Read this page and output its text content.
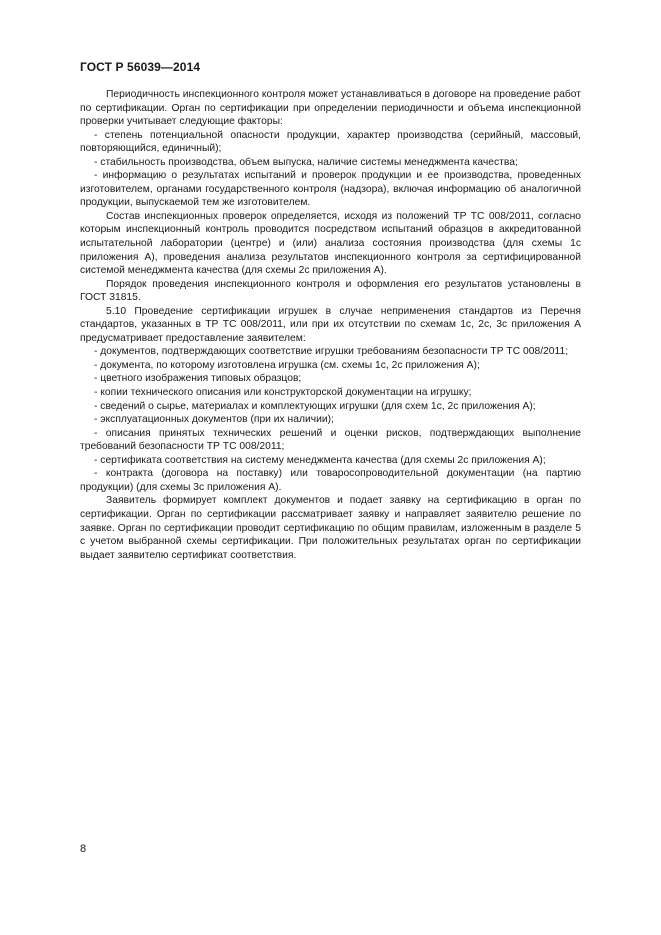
ГОСТ Р 56039—2014

Периодичность инспекционного контроля может устанавливаться в договоре на проведение работ по сертификации. Орган по сертификации при определении периодичности и объема инспекционной проверки учитывает следующие факторы:

- степень потенциальной опасности продукции, характер производства (серийный, массовый, повторяющийся, единичный);

- стабильность производства, объем выпуска, наличие системы менеджмента качества;

- информацию о результатах испытаний и проверок продукции и ее производства, проведенных изготовителем, органами государственного контроля (надзора), включая информацию об аналогичной продукции, выпускаемой тем же изготовителем.

Состав инспекционных проверок определяется, исходя из положений ТР ТС 008/2011, согласно которым инспекционный контроль проводится посредством испытаний образцов в аккредитованной испытательной лаборатории (центре) и (или) анализа состояния производства (для схемы 1с приложения А), проведения анализа результатов инспекционного контроля за сертифицированной системой менеджмента качества (для схемы 2с приложения А).

Порядок проведения инспекционного контроля и оформления его результатов установлены в ГОСТ 31815.

5.10 Проведение сертификации игрушек в случае неприменения стандартов из Перечня стандартов, указанных в ТР ТС 008/2011, или при их отсутствии по схемам 1с, 2с, 3с приложения А предусматривает предоставление заявителем:

- документов, подтверждающих соответствие игрушки требованиям безопасности ТР ТС 008/2011;

- документа, по которому изготовлена игрушка (см. схемы 1с, 2с приложения А);

- цветного изображения типовых образцов;

- копии технического описания или конструкторской документации на игрушку;

- сведений о сырье, материалах и комплектующих игрушки (для схем 1с, 2с приложения А);

- эксплуатационных документов (при их наличии);

- описания принятых технических решений и оценки рисков, подтверждающих выполнение требований безопасности ТР ТС 008/2011;

- сертификата соответствия на систему менеджмента качества (для схемы 2с приложения А);

- контракта (договора на поставку) или товаросопроводительной документации (на партию продукции) (для схемы 3с приложения А).

Заявитель формирует комплект документов и подает заявку на сертификацию в орган по сертификации. Орган по сертификации рассматривает заявку и направляет заявителю решение по заявке. Орган по сертификации проводит сертификацию по общим правилам, изложенным в разделе 5 с учетом выбранной схемы сертификации. При положительных результатах орган по сертификации выдает заявителю сертификат соответствия.

8
